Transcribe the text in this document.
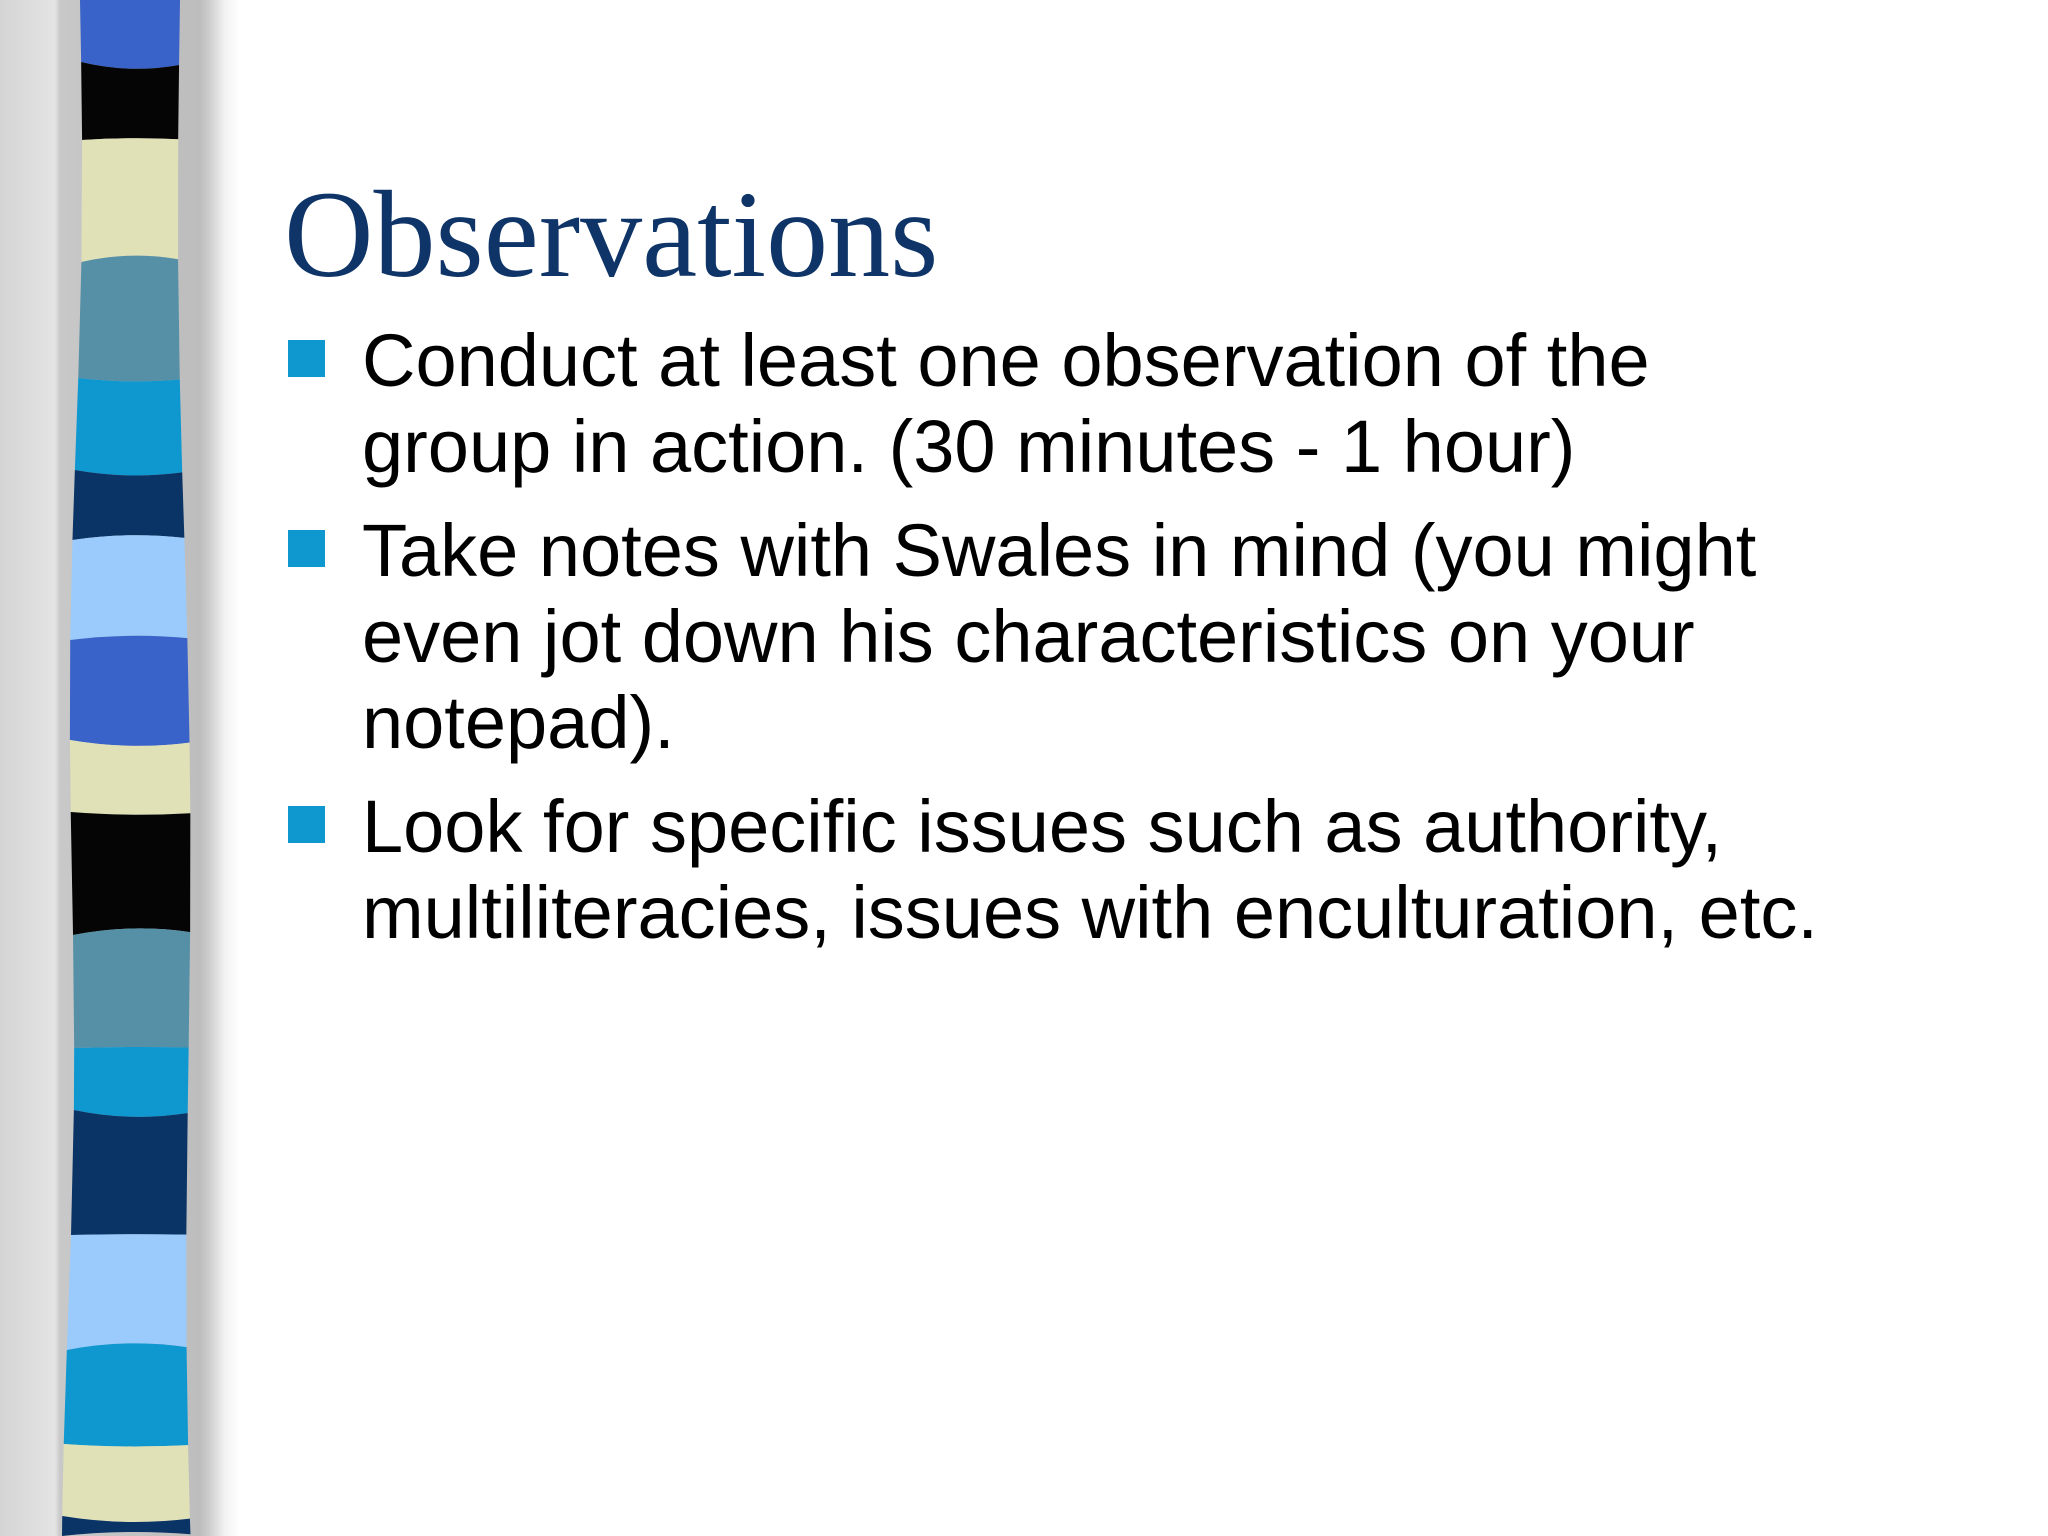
Observations
Conduct at least one observation of the group in action. (30 minutes - 1 hour)
Take notes with Swales in mind (you might even jot down his characteristics on your notepad).
Look for specific issues such as authority, multiliteracies, issues with enculturation, etc.
